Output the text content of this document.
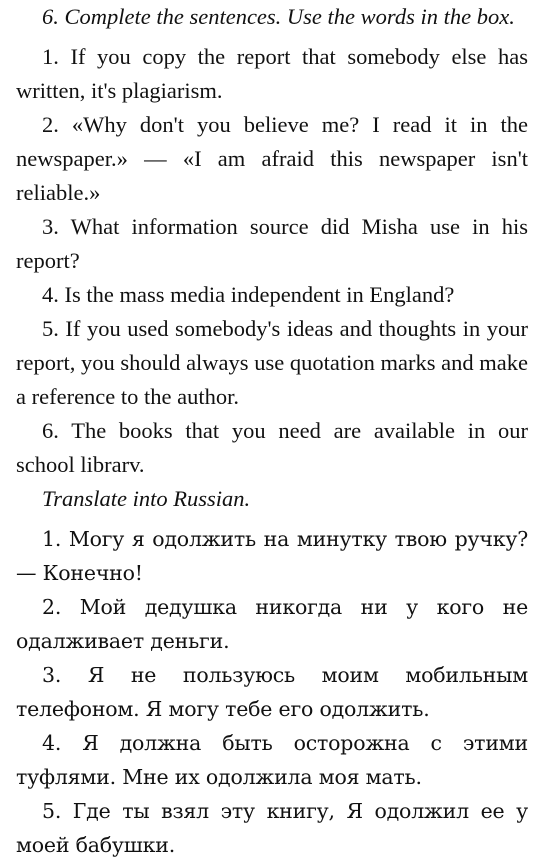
6. Complete the sentences. Use the words in the box.

1. If you copy the report that somebody else has written, it's plagiarism.

2. «Why don't you believe me? I read it in the newspaper.» — «I am afraid this newspaper isn't reliable.»

3. What information source did Misha use in his report?

4. Is the mass media independent in England?

5. If you used somebody's ideas and thoughts in your report, you should always use quotation marks and make a reference to the author.

6. The books that you need are available in our school librarv.

Translate into Russian.

1. Могу я одолжить на минутку твою ручку? — Конечно!

2. Мой дедушка никогда ни у кого не одалживает деньги.

3. Я не пользуюсь моим мобильным телефоном. Я могу тебе его одолжить.

4. Я должна быть осторожна с этими туфлями. Мне их одолжила моя мать.

5. Где ты взял эту книгу, Я одолжил ее у моей бабушки.
